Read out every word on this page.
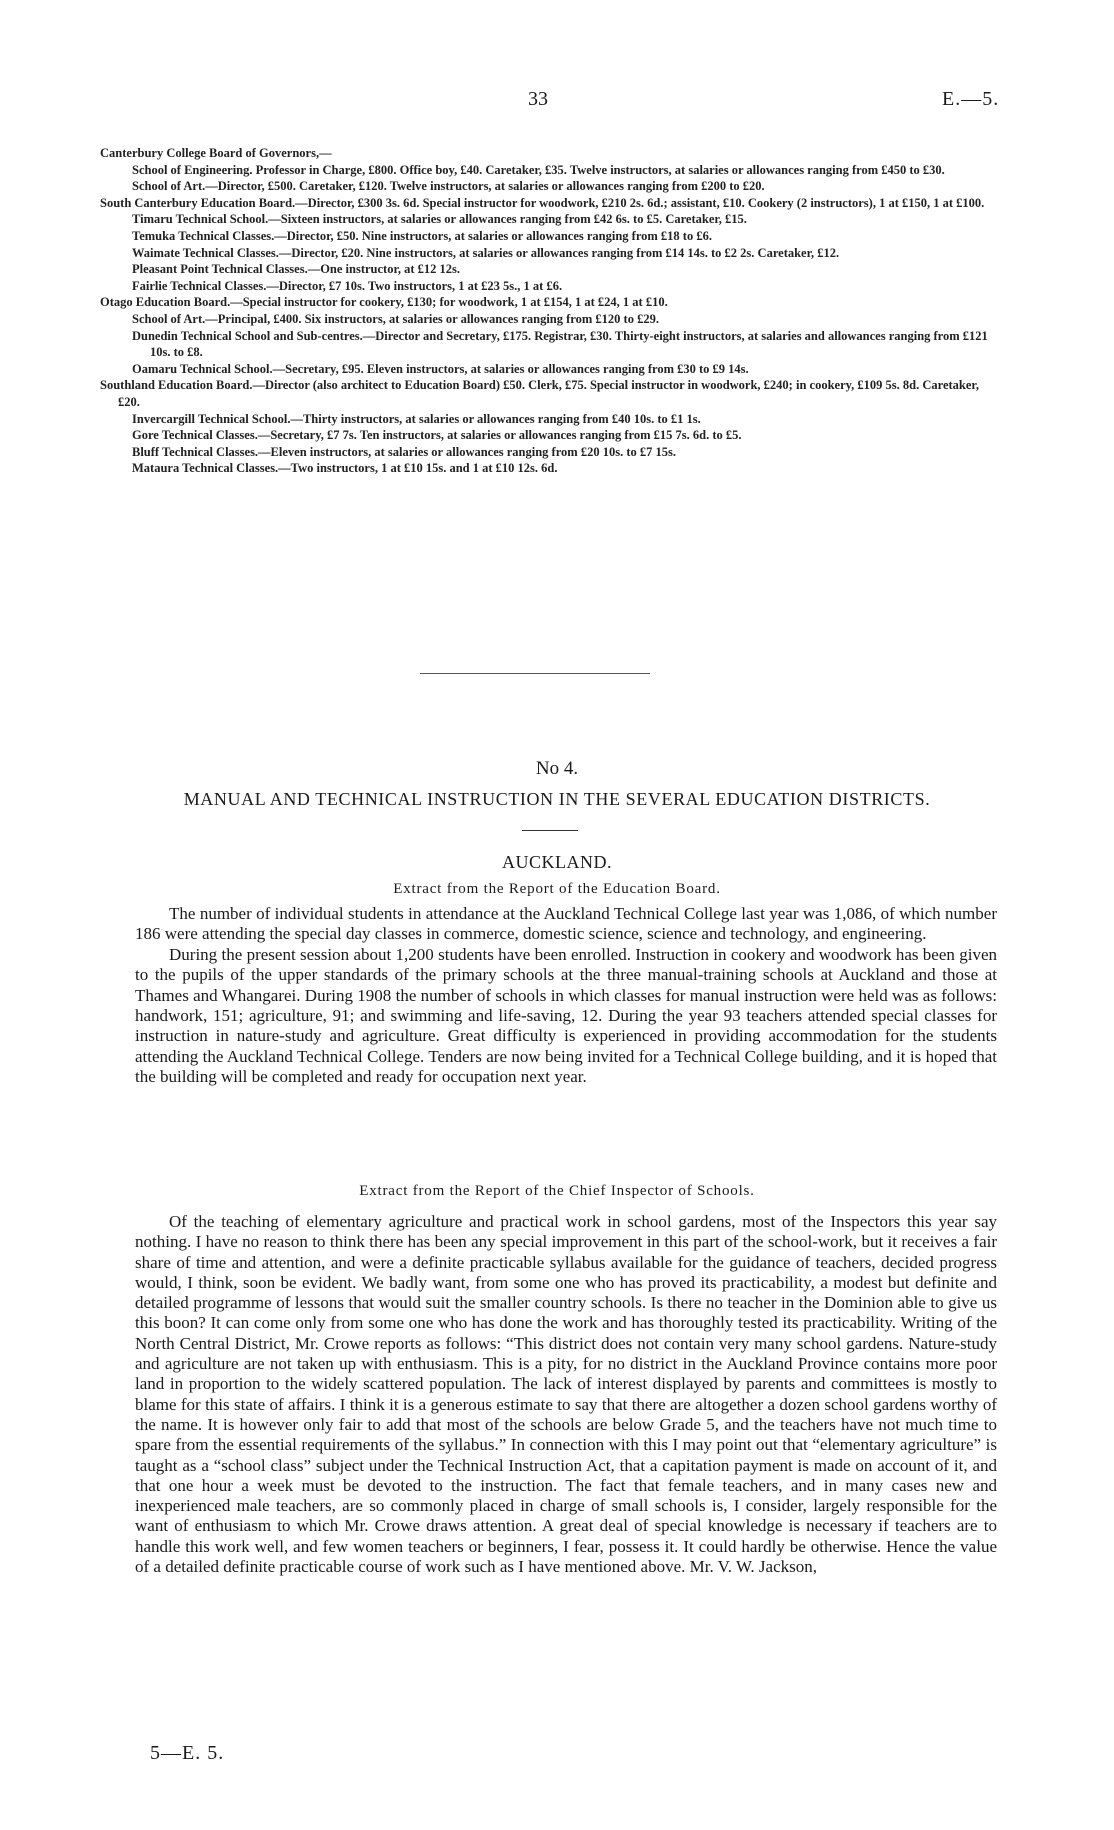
33	E.—5.

Canterbury College Board of Governors,—

School of Engineering. Professor in Charge, £800. Office boy, £40. Caretaker, £35. Twelve instructors, at salaries or allowances ranging from £450 to £30.

School of Art.—Director, £500. Caretaker, £120. Twelve instructors, at salaries or allowances ranging from £200 to £20.

South Canterbury Education Board.—Director, £300 3s. 6d. Special instructor for woodwork, £210 2s. 6d.; assistant, £10. Cookery (2 instructors), 1 at £150, 1 at £100.

Timaru Technical School.—Sixteen instructors, at salaries or allowances ranging from £42 6s. to £5. Caretaker, £15.

Temuka Technical Classes.—Director, £50. Nine instructors, at salaries or allowances ranging from £18 to £6.

Waimate Technical Classes.—Director, £20. Nine instructors, at salaries or allowances ranging from £14 14s. to £2 2s. Caretaker, £12.

Pleasant Point Technical Classes.—One instructor, at £12 12s.

Fairlie Technical Classes.—Director, £7 10s. Two instructors, 1 at £23 5s., 1 at £6.

Otago Education Board.—Special instructor for cookery, £130; for woodwork, 1 at £154, 1 at £24, 1 at £10.

School of Art.—Principal, £400. Six instructors, at salaries or allowances ranging from £120 to £29.

Dunedin Technical School and Sub-centres.—Director and Secretary, £175. Registrar, £30. Thirty-eight instructors, at salaries and allowances ranging from £121 10s. to £8.

Oamaru Technical School.—Secretary, £95. Eleven instructors, at salaries or allowances ranging from £30 to £9 14s.

Southland Education Board.—Director (also architect to Education Board) £50. Clerk, £75. Special instructor in woodwork, £240; in cookery, £109 5s. 8d. Caretaker, £20.

Invercargill Technical School.—Thirty instructors, at salaries or allowances ranging from £40 10s. to £1 1s.

Gore Technical Classes.—Secretary, £7 7s. Ten instructors, at salaries or allowances ranging from £15 7s. 6d. to £5.

Bluff Technical Classes.—Eleven instructors, at salaries or allowances ranging from £20 10s. to £7 15s.

Mataura Technical Classes.—Two instructors, 1 at £10 15s. and 1 at £10 12s. 6d.

No 4.
MANUAL AND TECHNICAL INSTRUCTION IN THE SEVERAL EDUCATION DISTRICTS.
AUCKLAND.
Extract from the Report of the Education Board.

The number of individual students in attendance at the Auckland Technical College last year was 1,086, of which number 186 were attending the special day classes in commerce, domestic science, science and technology, and engineering.

During the present session about 1,200 students have been enrolled. Instruction in cookery and woodwork has been given to the pupils of the upper standards of the primary schools at the three manual-training schools at Auckland and those at Thames and Whangarei. During 1908 the number of schools in which classes for manual instruction were held was as follows: handwork, 151; agriculture, 91; and swimming and life-saving, 12. During the year 93 teachers attended special classes for instruction in nature-study and agriculture. Great difficulty is experienced in providing accommodation for the students attending the Auckland Technical College. Tenders are now being invited for a Technical College building, and it is hoped that the building will be completed and ready for occupation next year.

Extract from the Report of the Chief Inspector of Schools.

Of the teaching of elementary agriculture and practical work in school gardens, most of the Inspectors this year say nothing. I have no reason to think there has been any special improvement in this part of the school-work, but it receives a fair share of time and attention, and were a definite practicable syllabus available for the guidance of teachers, decided progress would, I think, soon be evident. We badly want, from some one who has proved its practicability, a modest but definite and detailed programme of lessons that would suit the smaller country schools. Is there no teacher in the Dominion able to give us this boon? It can come only from some one who has done the work and has thoroughly tested its practicability. Writing of the North Central District, Mr. Crowe reports as follows: “This district does not contain very many school gardens. Nature-study and agriculture are not taken up with enthusiasm. This is a pity, for no district in the Auckland Province contains more poor land in proportion to the widely scattered population. The lack of interest displayed by parents and committees is mostly to blame for this state of affairs. I think it is a generous estimate to say that there are altogether a dozen school gardens worthy of the name. It is however only fair to add that most of the schools are below Grade 5, and the teachers have not much time to spare from the essential requirements of the syllabus.” In connection with this I may point out that “elementary agriculture” is taught as a “school class” subject under the Technical Instruction Act, that a capitation payment is made on account of it, and that one hour a week must be devoted to the instruction. The fact that female teachers, and in many cases new and inexperienced male teachers, are so commonly placed in charge of small schools is, I consider, largely responsible for the want of enthusiasm to which Mr. Crowe draws attention. A great deal of special knowledge is necessary if teachers are to handle this work well, and few women teachers or beginners, I fear, possess it. It could hardly be otherwise. Hence the value of a detailed definite practicable course of work such as I have mentioned above. Mr. V. W. Jackson,

5—E. 5.
